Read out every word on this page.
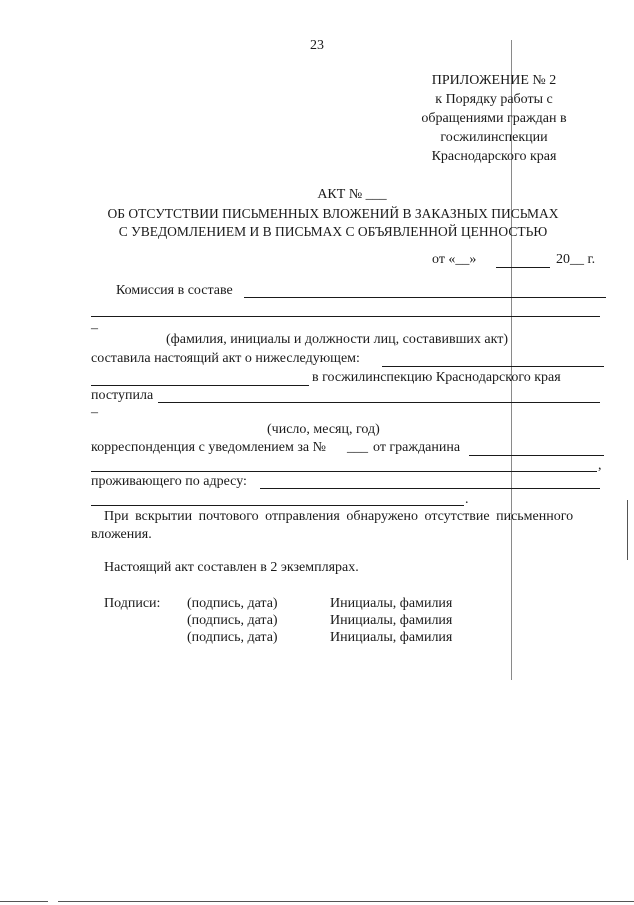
23
ПРИЛОЖЕНИЕ № 2
к Порядку работы с
обращениями граждан в
госжилинспекции
Краснодарского края
АКТ № ___
ОБ ОТСУТСТВИИ ПИСЬМЕННЫХ ВЛОЖЕНИЙ В ЗАКАЗНЫХ ПИСЬМАХ
С УВЕДОМЛЕНИЕМ И В ПИСЬМАХ С ОБЪЯВЛЕННОЙ ЦЕННОСТЬЮ
от «__»	20__ г.
Комиссия в составе
–
(фамилия, инициалы и должности лиц, составивших акт)
составила настоящий акт о нижеследующем:
в госжилинспекцию Краснодарского края
поступила
–
(число, месяц, год)
корреспонденция с уведомлением за № ___ от гражданина
,
проживающего по адресу:
.
При вскрытии почтового отправления обнаружено отсутствие письменного
вложения.
Настоящий акт составлен в 2 экземплярах.
Подписи: (подпись, дата)	Инициалы, фамилия
(подпись, дата)	Инициалы, фамилия
(подпись, дата)	Инициалы, фамилия
